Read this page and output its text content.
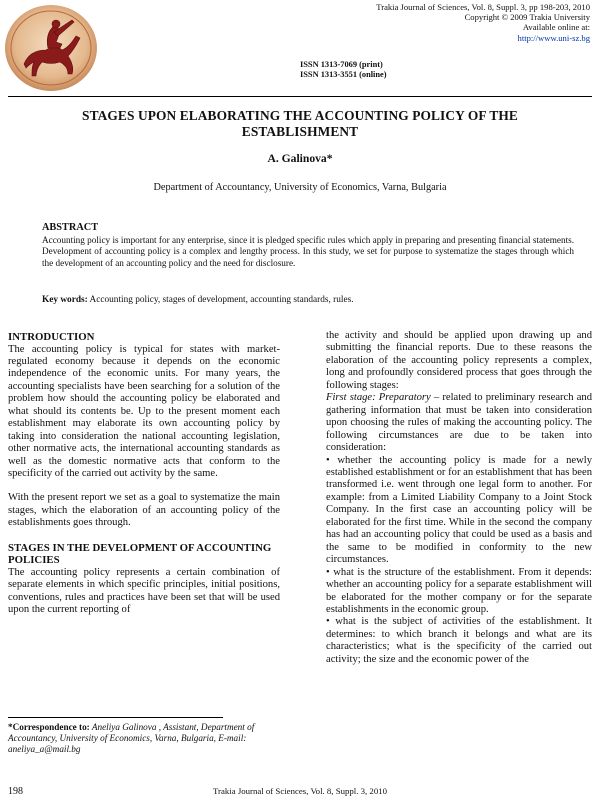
Trakia Journal of Sciences, Vol. 8, Suppl. 3, pp 198-203, 2010
Copyright © 2009 Trakia University
Available online at:
http://www.uni-sz.bg
ISSN 1313-7069 (print)
ISSN 1313-3551 (online)
STAGES UPON ELABORATING THE ACCOUNTING POLICY OF THE
ESTABLISHMENT
A. Galinova*
Department of Accountancy, University of Economics, Varna, Bulgaria
ABSTRACT
Accounting policy is important for any enterprise, since it is pledged specific rules which apply in preparing and presenting financial statements. Development of accounting policy is a complex and lengthy process. In this study, we set for purpose to systematize the stages through which the development of an accounting policy and the need for disclosure.
Key words: Accounting policy, stages of development, accounting standards, rules.
INTRODUCTION

The accounting policy is typical for states with market-regulated economy because it depends on the economic independence of the economic units. For many years, the accounting specialists have been searching for a solution of the problem how should the accounting policy be elaborated and what should its contents be. Up to the present moment each establishment may elaborate its own accounting policy by taking into consideration the national accounting legislation, other normative acts, the international accounting standards as well as the domestic normative acts that conform to the specificity of the carried out activity by the same.

With the present report we set as a goal to systematize the main stages, which the elaboration of an accounting policy of the establishments goes through.

STAGES IN THE DEVELOPMENT OF ACCOUNTING POLICIES

The accounting policy represents a certain combination of separate elements in which specific principles, initial positions, conventions, rules and practices have been set that will be used upon the current reporting of

the activity and should be applied upon drawing up and submitting the financial reports. Due to these reasons the elaboration of the accounting policy represents a complex, long and profoundly considered process that goes through the following stages:

First stage: Preparatory – related to preliminary research and gathering information that must be taken into consideration upon choosing the rules of making the accounting policy. The following circumstances are due to be taken into consideration:

• whether the accounting policy is made for a newly established establishment or for an establishment that has been transformed i.e. went through one legal form to another. For example: from a Limited Liability Company to a Joint Stock Company. In the first case an accounting policy will be elaborated for the first time. While in the second the company has had an accounting policy that could be used as a basis and the same to be modified in conformity to the new circumstances.

• what is the structure of the establishment. From it depends: whether an accounting policy for a separate establishment will be elaborated for the mother company or for the separate establishments in the economic group.

• what is the subject of activities of the establishment. It determines: to which branch it belongs and what are its characteristics; what is the specificity of the carried out activity; the size and the economic power of the

*Correspondence to: Aneliya Galinova , Assistant, Department of Accountancy, University of Economics, Varna, Bulgaria, E-mail: aneliya_a@mail.bg
198	Trakia Journal of Sciences, Vol. 8, Suppl. 3, 2010
